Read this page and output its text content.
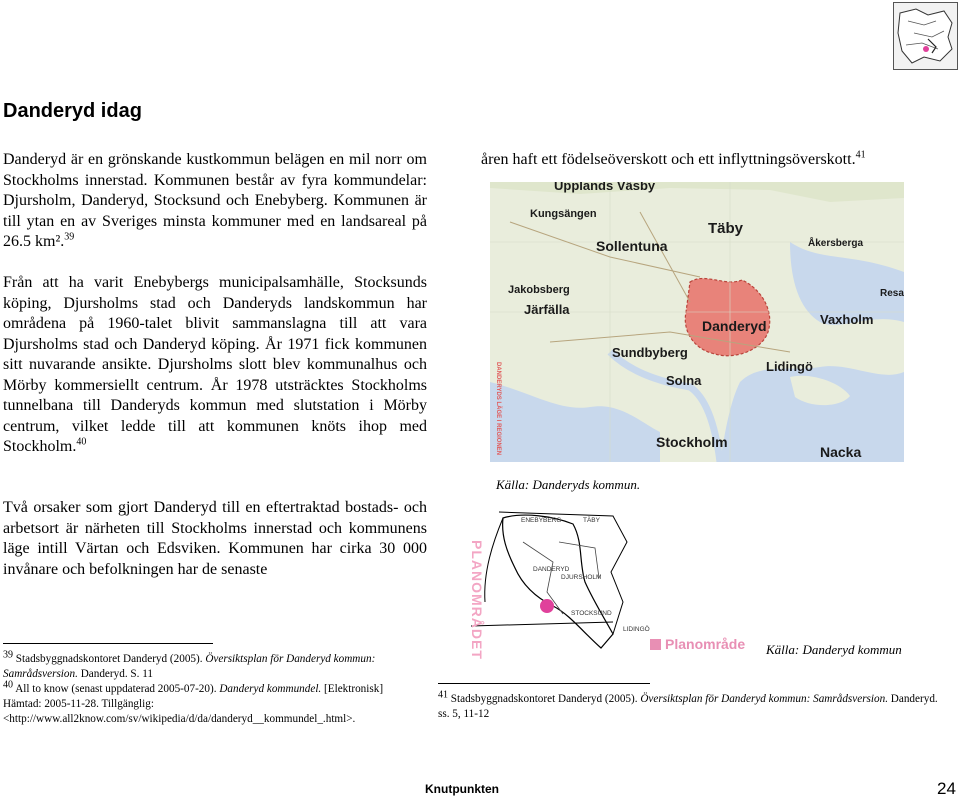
Danderyd idag
Danderyd är en grönskande kustkommun belägen en mil norr om Stockholms innerstad. Kommunen består av fyra kommundelar: Djursholm, Danderyd, Stocksund och Enebyberg. Kommunen är till ytan en av Sveriges minsta kommuner med en landsareal på 26.5 km².$^{39}$
Från att ha varit Enebybergs municipalsamhälle, Stocksunds köping, Djursholms stad och Danderyds landskommun har områdena på 1960-talet blivit sammanslagna till att vara Djursholms stad och Danderyd köping. År 1971 fick kommunen sitt nuvarande ansikte. Djursholms slott blev kommunalhus och Mörby kommersiellt centrum. År 1978 utsträcktes Stockholms tunnelbana till Danderyds kommun med slutstation i Mörby centrum, vilket ledde till att kommunen knöts ihop med Stockholm.$^{40}$
Två orsaker som gjort Danderyd till en eftertraktad bostads- och arbetsort är närheten till Stockholms innerstad och kommunens läge intill Värtan och Edsviken. Kommunen har cirka 30 000 invånare och befolkningen har de senaste
$^{39}$ Stadsbyggnadskontoret Danderyd (2005). Översiktsplan för Danderyd kommun: Samrådsversion. Danderyd. S. 11
$^{40}$ All to know (senast uppdaterad 2005-07-20). Danderyd kommundel. [Elektronisk] Hämtad: 2005-11-28. Tillgänglig: <http://www.all2know.com/sv/wikipedia/d/da/danderyd__kommundel_.html>.
åren haft ett födelseöverskott och ett inflyttningsöverskott.$^{41}$
Upplands Väsby
Kungsängen
Täby
Sollentuna	Åkersberga
Jakobsberg	Resa
Järfälla
Danderyd	Vaxholm
Sundbyberg
Lidingö
Solna
Stockholm
Nacka
DANDERYDS LÄGE I REGIONEN
Källa: Danderyds kommun.
ENEBYBERG	TÄBY
DJURSHOLM
DANDERYD
STOCKSUND
LIDINGÖ
PLANOMRÅDET	Planområde Källa: Danderyd kommun
$^{41}$ Stadsbyggnadskontoret Danderyd (2005). Översiktsplan för Danderyd kommun: Samrådsversion. Danderyd. ss. 5, 11-12
Knutpunkten	24
